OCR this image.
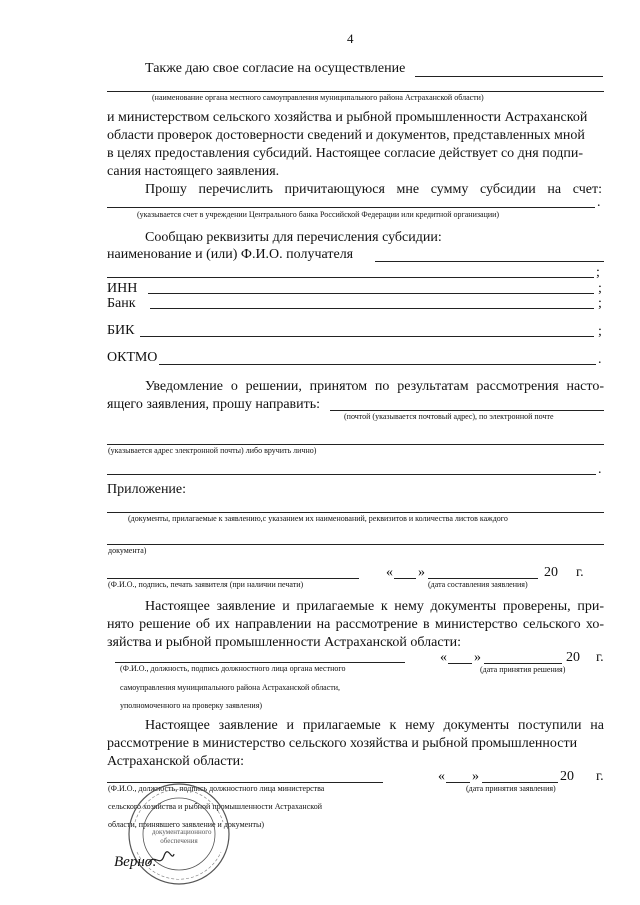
4
Также даю свое согласие на осуществление
(наименование органа местного самоуправления муниципального района Астраханской области)
и министерством сельского хозяйства и рыбной промышленности Астраханской
области проверок достоверности сведений и документов, представленных мной
в целях предоставления субсидий. Настоящее согласие действует со дня подпи-
сания настоящего заявления.
Прошу перечислить причитающуюся мне сумму субсидии на счет:
.
(указывается счет в учреждении Центрального банка Российской Федерации или кредитной организации)
Сообщаю реквизиты для перечисления субсидии:
наименование и (или) Ф.И.О. получателя
;
ИНН	;
Банк	;
БИК	;
ОКТМО	.
Уведомление о решении, принятом по результатам рассмотрения насто-
ящего заявления, прошу направить:
(почтой (указывается почтовый адрес), по электронной почте
(указывается адрес электронной почты) либо вручить лично)
.
Приложение:
(документы, прилагаемые к заявлению,с указанием их наименований, реквизитов и количества листов каждого
документа)
(Ф.И.О., подпись, печать заявителя (при наличии печати)
« »	20 г.
(дата составления заявления)
Настоящее заявление и прилагаемые к нему документы проверены, при-
нято решение об их направлении на рассмотрение в министерство сельского хо-
зяйства и рыбной промышленности Астраханской области:
(Ф.И.О., должность, подпись должностного лица органа местного
самоуправления муниципального района Астраханской области,
уполномоченного на проверку заявления)
« »	20 г.
(дата принятия решения)
Настоящее заявление и прилагаемые к нему документы поступили на
рассмотрение в министерство сельского хозяйства и рыбной промышленности
Астраханской области:
(Ф.И.О., должность, подпись должностного лица министерства
сельского хозяйства и рыбной промышленности Астраханской
области, принявшего заявление и документы)
« »	20 г.
(дата принятия заявления)
документационного обеспечения
Верно:
